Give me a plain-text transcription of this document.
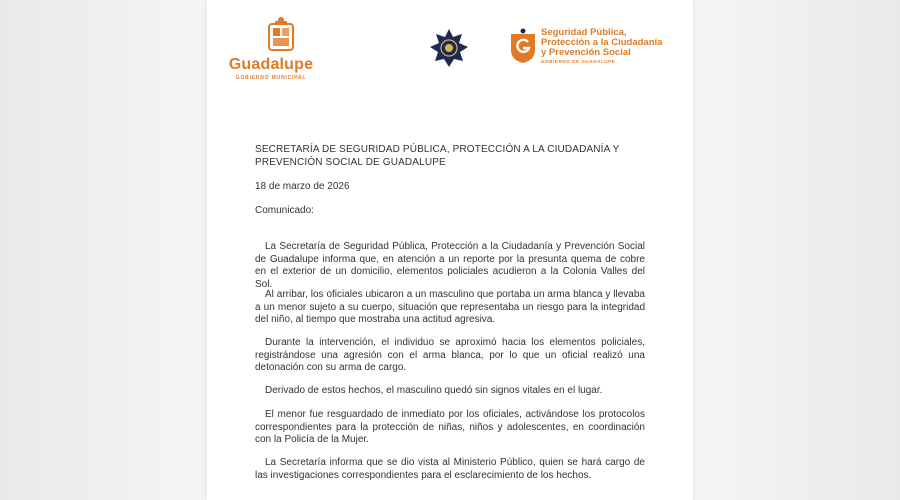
Guadalupe
GOBIERNO MUNICIPAL
Seguridad Pública,
Protección a la Ciudadanía
y Prevención Social
GOBIERNO DE GUADALUPE
SECRETARÍA DE SEGURIDAD PÚBLICA, PROTECCIÓN A LA CIUDADANÍA Y PREVENCIÓN SOCIAL DE GUADALUPE
18 de marzo de 2026
Comunicado:
La Secretaría de Seguridad Pública, Protección a la Ciudadanía y Prevención Social de Guadalupe informa que, en atención a un reporte por la presunta quema de cobre en el exterior de un domicilio, elementos policiales acudieron a la Colonia Valles del Sol.
Al arribar, los oficiales ubicaron a un masculino que portaba un arma blanca y llevaba a un menor sujeto a su cuerpo, situación que representaba un riesgo para la integridad del niño, al tiempo que mostraba una actitud agresiva.
Durante la intervención, el individuo se aproximó hacia los elementos policiales, registrándose una agresión con el arma blanca, por lo que un oficial realizó una detonación con su arma de cargo.
Derivado de estos hechos, el masculino quedó sin signos vitales en el lugar.
El menor fue resguardado de inmediato por los oficiales, activándose los protocolos correspondientes para la protección de niñas, niños y adolescentes, en coordinación con la Policía de la Mujer.
La Secretaría informa que se dio vista al Ministerio Público, quien se hará cargo de las investigaciones correspondientes para el esclarecimiento de los hechos.
